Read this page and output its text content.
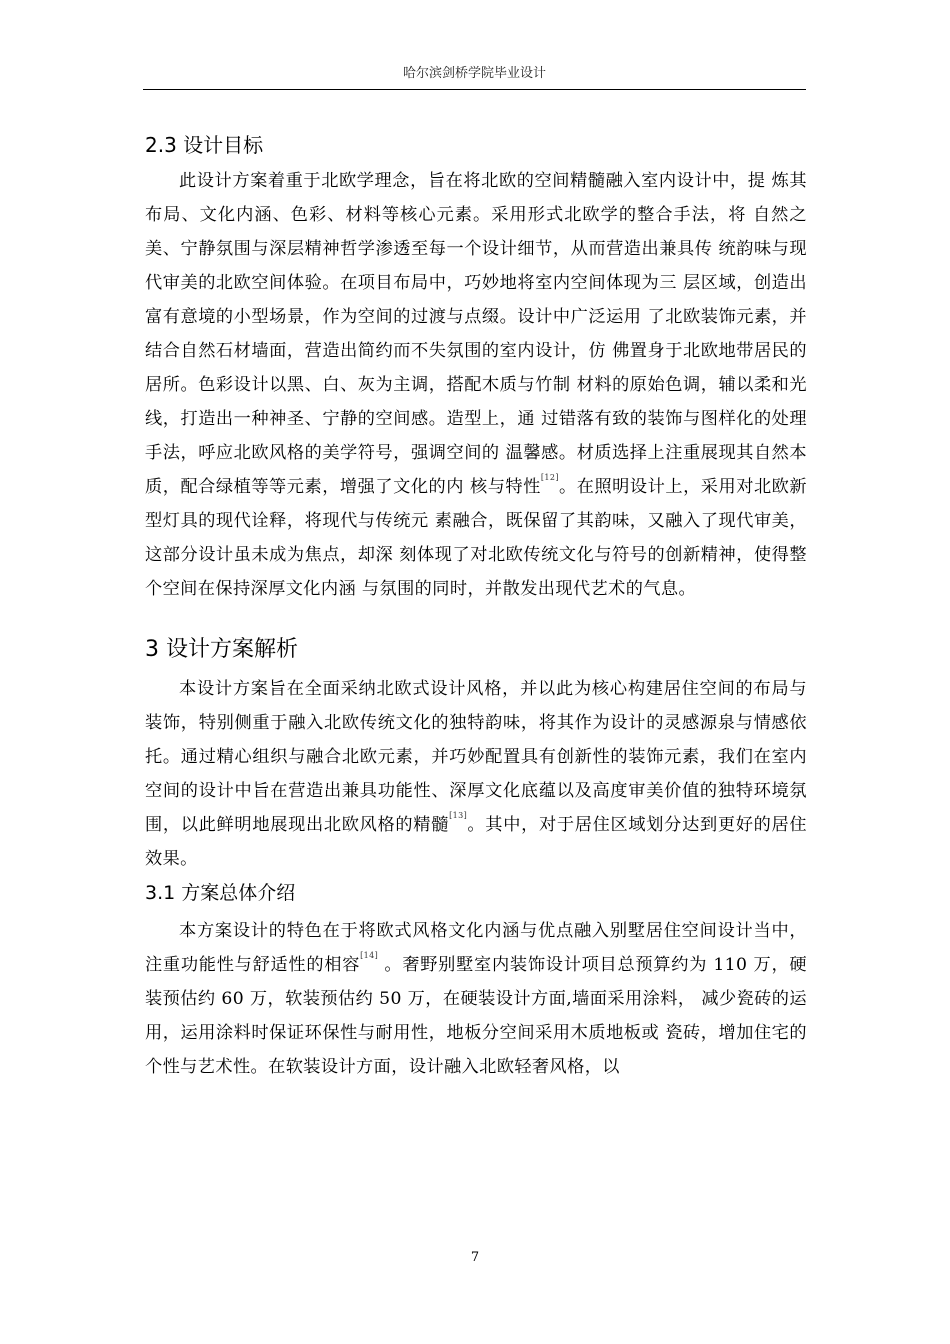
哈尔滨剑桥学院毕业设计
2.3 设计目标

此设计方案着重于北欧学理念，旨在将北欧的空间精髓融入室内设计中，提 炼其布局、文化内涵、色彩、材料等核心元素。采用形式北欧学的整合手法，将 自然之美、宁静氛围与深层精神哲学渗透至每一个设计细节，从而营造出兼具传 统韵味与现代审美的北欧空间体验。在项目布局中，巧妙地将室内空间体现为三 层区域，创造出富有意境的小型场景，作为空间的过渡与点缀。设计中广泛运用 了北欧装饰元素，并结合自然石材墙面，营造出简约而不失氛围的室内设计，仿 佛置身于北欧地带居民的居所。色彩设计以黑、白、灰为主调，搭配木质与竹制 材料的原始色调，辅以柔和光线，打造出一种神圣、宁静的空间感。造型上，通 过错落有致的装饰与图样化的处理手法，呼应北欧风格的美学符号，强调空间的 温馨感。材质选择上注重展现其自然本质，配合绿植等等元素，增强了文化的内 核与特性[12]。在照明设计上，采用对北欧新型灯具的现代诠释，将现代与传统元 素融合，既保留了其韵味，又融入了现代审美，这部分设计虽未成为焦点，却深 刻体现了对北欧传统文化与符号的创新精神，使得整个空间在保持深厚文化内涵 与氛围的同时，并散发出现代艺术的气息。

3 设计方案解析

本设计方案旨在全面采纳北欧式设计风格，并以此为核心构建居住空间的布局与装饰，特别侧重于融入北欧传统文化的独特韵味，将其作为设计的灵感源泉与情感依托。通过精心组织与融合北欧元素，并巧妙配置具有创新性的装饰元素，我们在室内空间的设计中旨在营造出兼具功能性、深厚文化底蕴以及高度审美价值的独特环境氛围，以此鲜明地展现出北欧风格的精髓[13]。其中，对于居住区域划分达到更好的居住效果。

3.1 方案总体介绍

本方案设计的特色在于将欧式风格文化内涵与优点融入别墅居住空间设计当中，注重功能性与舒适性的相容[14] 。奢野别墅室内装饰设计项目总预算约为 110 万，硬装预估约 60 万，软装预估约 50 万，在硬装设计方面,墙面采用涂料， 减少瓷砖的运用，运用涂料时保证环保性与耐用性，地板分空间采用木质地板或 瓷砖，增加住宅的个性与艺术性。在软装设计方面，设计融入北欧轻奢风格，以

7
